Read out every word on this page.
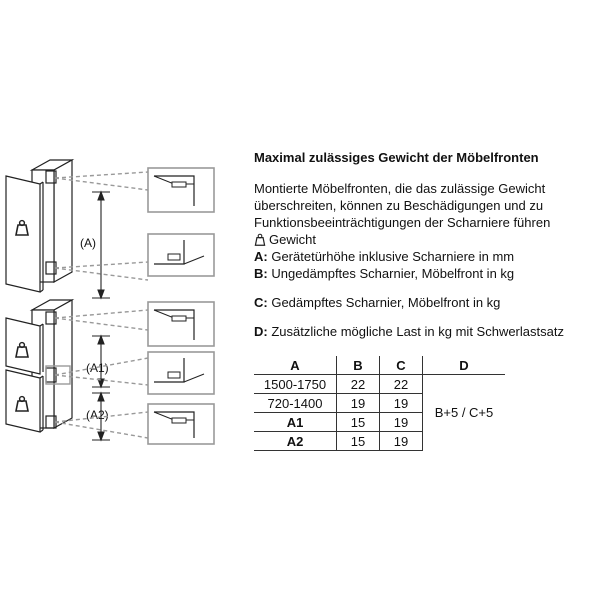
(A)
(A1)
(A2)
Maximal zulässiges Gewicht der Möbelfronten
Montierte Möbelfronten, die das zulässige Gewicht
überschreiten, können zu Beschädigungen und zu
Funktionsbeeinträchtigungen der Scharniere führen
Gewicht
A: Gerätetürhöhe inklusive Scharniere in mm
B: Ungedämpftes Scharnier, Möbelfront in kg
C: Gedämpftes Scharnier, Möbelfront in kg
D: Zusätzliche mögliche Last in kg mit Schwerlastsatz
A	B	C	D
1500-1750	22	22	B+5 / C+5
720-1400	19	19	
A1	15	19	
A2	15	19	
